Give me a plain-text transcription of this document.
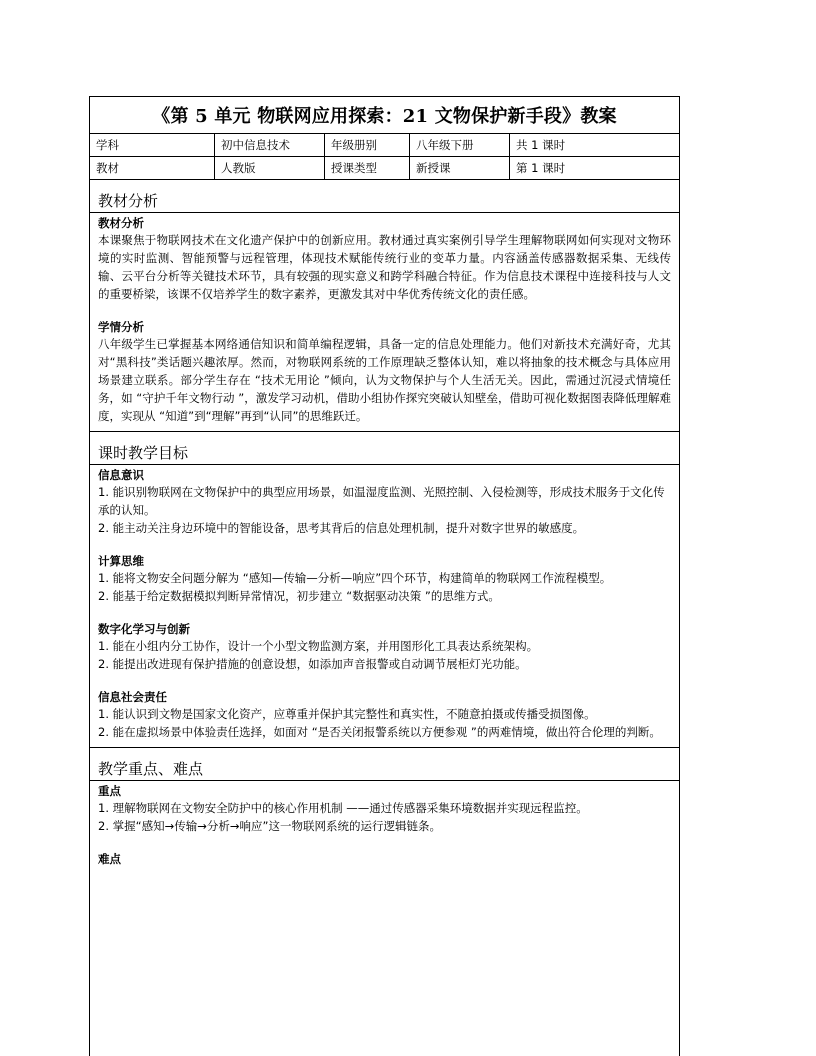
《第 5 单元 物联网应用探索：21 文物保护新手段》教案
学科	初中信息技术	年级册别	八年级下册	共 1 课时
教材	人教版	授课类型	新授课	第 1 课时
教材分析
教材分析
本课聚焦于物联网技术在文化遗产保护中的创新应用。教材通过真实案例引导学生理解物联网如何实现对文物环境的实时监测、智能预警与远程管理，体现技术赋能传统行业的变革力量。内容涵盖传感器数据采集、无线传输、云平台分析等关键技术环节，具有较强的现实意义和跨学科融合特征。作为信息技术课程中连接科技与人文的重要桥梁，该课不仅培养学生的数字素养，更激发其对中华优秀传统文化的责任感。
学情分析
八年级学生已掌握基本网络通信知识和简单编程逻辑，具备一定的信息处理能力。他们对新技术充满好奇，尤其对“黑科技”类话题兴趣浓厚。然而，对物联网系统的工作原理缺乏整体认知，难以将抽象的技术概念与具体应用场景建立联系。部分学生存在 “技术无用论 ”倾向，认为文物保护与个人生活无关。因此，需通过沉浸式情境任务，如 “守护千年文物行动 ”，激发学习动机，借助小组协作探究突破认知壁垒，借助可视化数据图表降低理解难度，实现从 “知道”到“理解”再到“认同”的思维跃迁。
课时教学目标
信息意识
1. 能识别物联网在文物保护中的典型应用场景，如温湿度监测、光照控制、入侵检测等，形成技术服务于文化传承的认知。
2. 能主动关注身边环境中的智能设备，思考其背后的信息处理机制，提升对数字世界的敏感度。
计算思维
1. 能将文物安全问题分解为 “感知—传输—分析—响应”四个环节，构建简单的物联网工作流程模型。
2. 能基于给定数据模拟判断异常情况，初步建立 “数据驱动决策 ”的思维方式。
数字化学习与创新
1. 能在小组内分工协作，设计一个小型文物监测方案，并用图形化工具表达系统架构。
2. 能提出改进现有保护措施的创意设想，如添加声音报警或自动调节展柜灯光功能。
信息社会责任
1. 能认识到文物是国家文化资产，应尊重并保护其完整性和真实性，不随意拍摄或传播受损图像。
2. 能在虚拟场景中体验责任选择，如面对 “是否关闭报警系统以方便参观 ”的两难情境，做出符合伦理的判断。
教学重点、难点
重点
1. 理解物联网在文物安全防护中的核心作用机制 ——通过传感器采集环境数据并实现远程监控。
2. 掌握“感知→传输→分析→响应”这一物联网系统的运行逻辑链条。
难点
